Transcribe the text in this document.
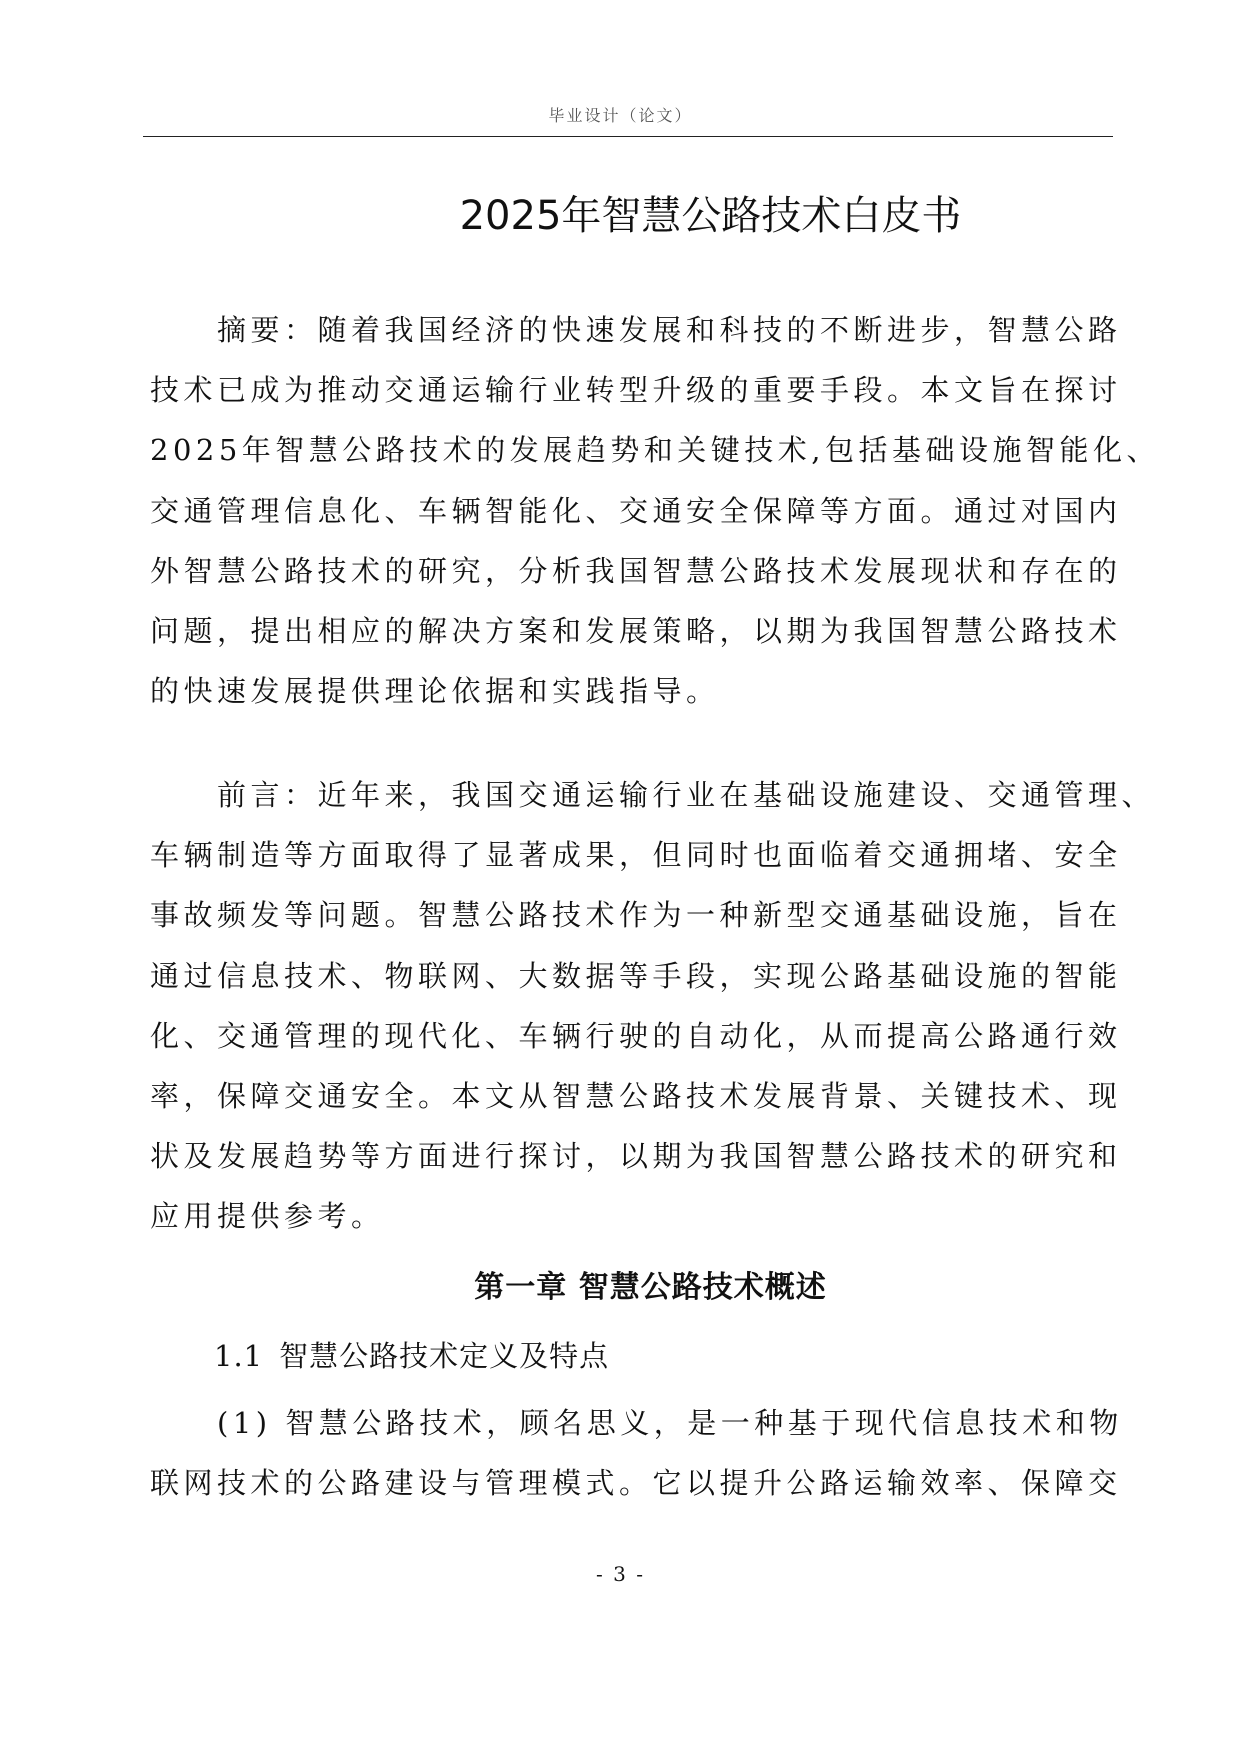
毕业设计（论文）
2025年智慧公路技术白皮书

　　摘要：随着我国经济的快速发展和科技的不断进步，智慧公路

技术已成为推动交通运输行业转型升级的重要手段。本文旨在探讨

2025年智慧公路技术的发展趋势和关键技术,包括基础设施智能化、

交通管理信息化、车辆智能化、交通安全保障等方面。通过对国内

外智慧公路技术的研究，分析我国智慧公路技术发展现状和存在的

问题，提出相应的解决方案和发展策略，以期为我国智慧公路技术

的快速发展提供理论依据和实践指导。

　　前言：近年来，我国交通运输行业在基础设施建设、交通管理、

车辆制造等方面取得了显著成果，但同时也面临着交通拥堵、安全

事故频发等问题。智慧公路技术作为一种新型交通基础设施，旨在

通过信息技术、物联网、大数据等手段，实现公路基础设施的智能

化、交通管理的现代化、车辆行驶的自动化，从而提高公路通行效

率，保障交通安全。本文从智慧公路技术发展背景、关键技术、现

状及发展趋势等方面进行探讨，以期为我国智慧公路技术的研究和

应用提供参考。

第一章 智慧公路技术概述
1.1 智慧公路技术定义及特点

　　(1) 智慧公路技术，顾名思义，是一种基于现代信息技术和物

联网技术的公路建设与管理模式。它以提升公路运输效率、保障交

- 3 -
